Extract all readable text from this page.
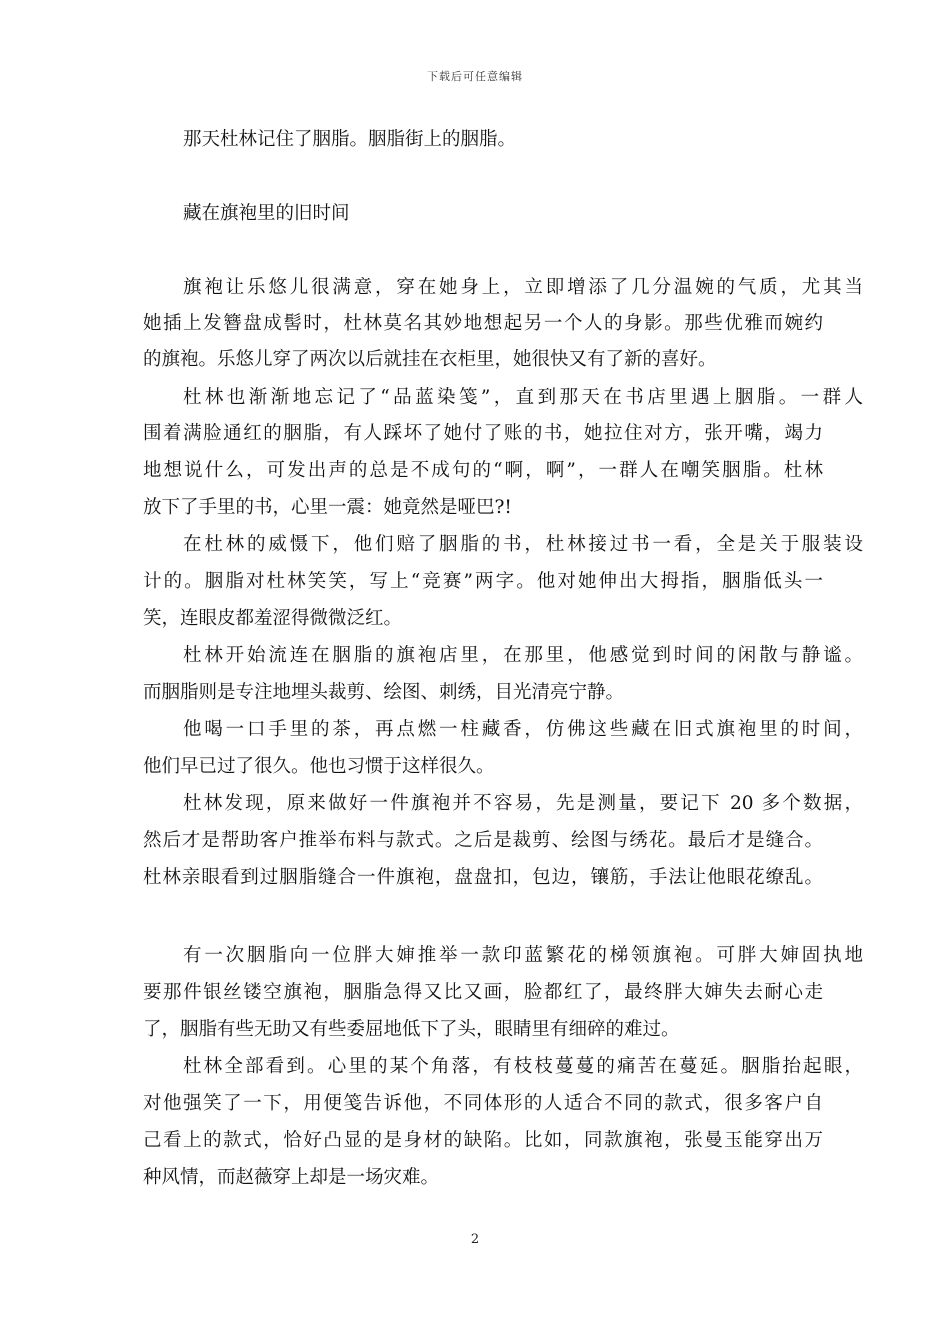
下载后可任意编辑
那天杜林记住了胭脂。胭脂街上的胭脂。
藏在旗袍里的旧时间
旗袍让乐悠儿很满意，穿在她身上，立即增添了几分温婉的气质，尤其当
她插上发簪盘成髻时，杜林莫名其妙地想起另一个人的身影。那些优雅而婉约
的旗袍。乐悠儿穿了两次以后就挂在衣柜里，她很快又有了新的喜好。
杜林也渐渐地忘记了“品蓝染笺”，直到那天在书店里遇上胭脂。一群人
围着满脸通红的胭脂，有人踩坏了她付了账的书，她拉住对方，张开嘴，竭力
地想说什么，可发出声的总是不成句的“啊，啊”，一群人在嘲笑胭脂。杜林
放下了手里的书，心里一震：她竟然是哑巴?!
在杜林的威慑下，他们赔了胭脂的书，杜林接过书一看，全是关于服装设
计的。胭脂对杜林笑笑，写上“竞赛”两字。他对她伸出大拇指，胭脂低头一
笑，连眼皮都羞涩得微微泛红。
杜林开始流连在胭脂的旗袍店里，在那里，他感觉到时间的闲散与静谧。
而胭脂则是专注地埋头裁剪、绘图、刺绣，目光清亮宁静。
他喝一口手里的茶，再点燃一柱藏香，仿佛这些藏在旧式旗袍里的时间，
他们早已过了很久。他也习惯于这样很久。
杜林发现，原来做好一件旗袍并不容易，先是测量，要记下 20 多个数据，
然后才是帮助客户推举布料与款式。之后是裁剪、绘图与绣花。最后才是缝合。
杜林亲眼看到过胭脂缝合一件旗袍，盘盘扣，包边，镶筋，手法让他眼花缭乱。
有一次胭脂向一位胖大婶推举一款印蓝繁花的梯领旗袍。可胖大婶固执地
要那件银丝镂空旗袍，胭脂急得又比又画，脸都红了，最终胖大婶失去耐心走
了，胭脂有些无助又有些委屈地低下了头，眼睛里有细碎的难过。
杜林全部看到。心里的某个角落，有枝枝蔓蔓的痛苦在蔓延。胭脂抬起眼，
对他强笑了一下，用便笺告诉他，不同体形的人适合不同的款式，很多客户自
己看上的款式，恰好凸显的是身材的缺陷。比如，同款旗袍，张曼玉能穿出万
种风情，而赵薇穿上却是一场灾难。
2
